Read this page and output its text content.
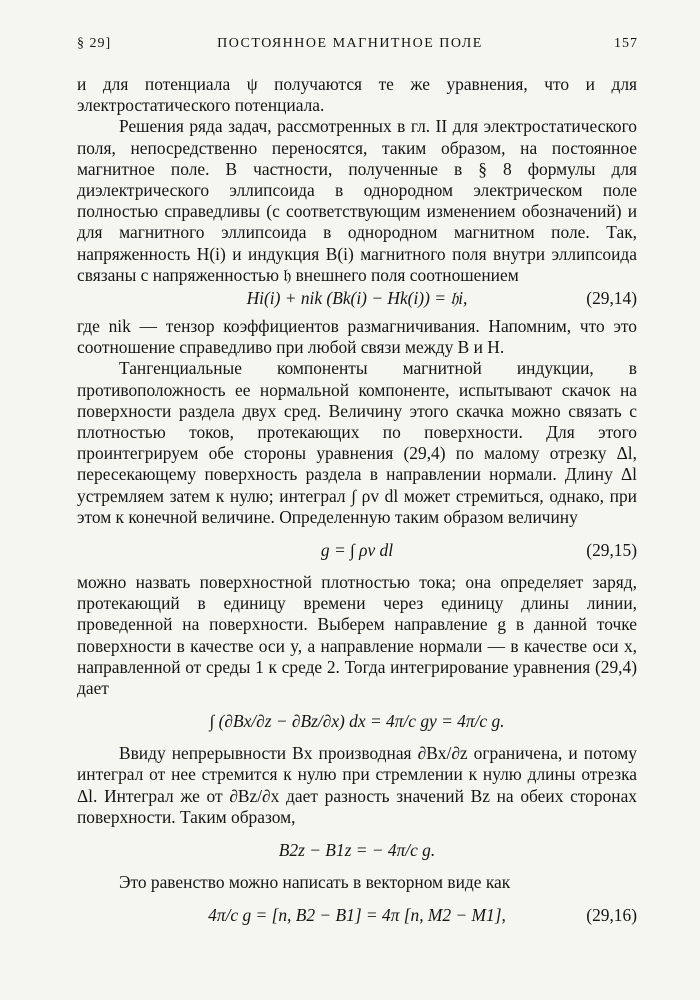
§ 29]	ПОСТОЯННОЕ МАГНИТНОЕ ПОЛЕ	157

и для потенциала ψ получаются те же уравнения, что и для электростатического потенциала.

Решения ряда задач, рассмотренных в гл. II для электростатического поля, непосредственно переносятся, таким образом, на постоянное магнитное поле. В частности, полученные в § 8 формулы для диэлектрического эллипсоида в однородном электрическом поле полностью справедливы (с соответствующим изменением обозначений) и для магнитного эллипсоида в однородном магнитном поле. Так, напряженность H(i) и индукция B(i) магнитного поля внутри эллипсоида связаны с напряженностью 𝔥 внешнего поля соотношением

Hi(i) + nik (Bk(i) − Hk(i)) = 𝔥i,	(29,14)

где nik — тензор коэффициентов размагничивания. Напомним, что это соотношение справедливо при любой связи между B и H.

Тангенциальные компоненты магнитной индукции, в противоположность ее нормальной компоненте, испытывают скачок на поверхности раздела двух сред. Величину этого скачка можно связать с плотностью токов, протекающих по поверхности. Для этого проинтегрируем обе стороны уравнения (29,4) по малому отрезку Δl, пересекающему поверхность раздела в направлении нормали. Длину Δl устремляем затем к нулю; интеграл ∫ ρv dl может стремиться, однако, при этом к конечной величине. Определенную таким образом величину

g = ∫ ρv dl	(29,15)

можно назвать поверхностной плотностью тока; она определяет заряд, протекающий в единицу времени через единицу длины линии, проведенной на поверхности. Выберем направление g в данной точке поверхности в качестве оси y, а направление нормали — в качестве оси x, направленной от среды 1 к среде 2. Тогда интегрирование уравнения (29,4) дает

∫ (∂Bx/∂z − ∂Bz/∂x) dx = 4π/c gy = 4π/c g.

Ввиду непрерывности Bx производная ∂Bx/∂z ограничена, и потому интеграл от нее стремится к нулю при стремлении к нулю длины отрезка Δl. Интеграл же от ∂Bz/∂x дает разность значений Bz на обеих сторонах поверхности. Таким образом,

B2z − B1z = − 4π/c g.

Это равенство можно написать в векторном виде как

4π/c g = [n, B2 − B1] = 4π [n, M2 − M1],	(29,16)
